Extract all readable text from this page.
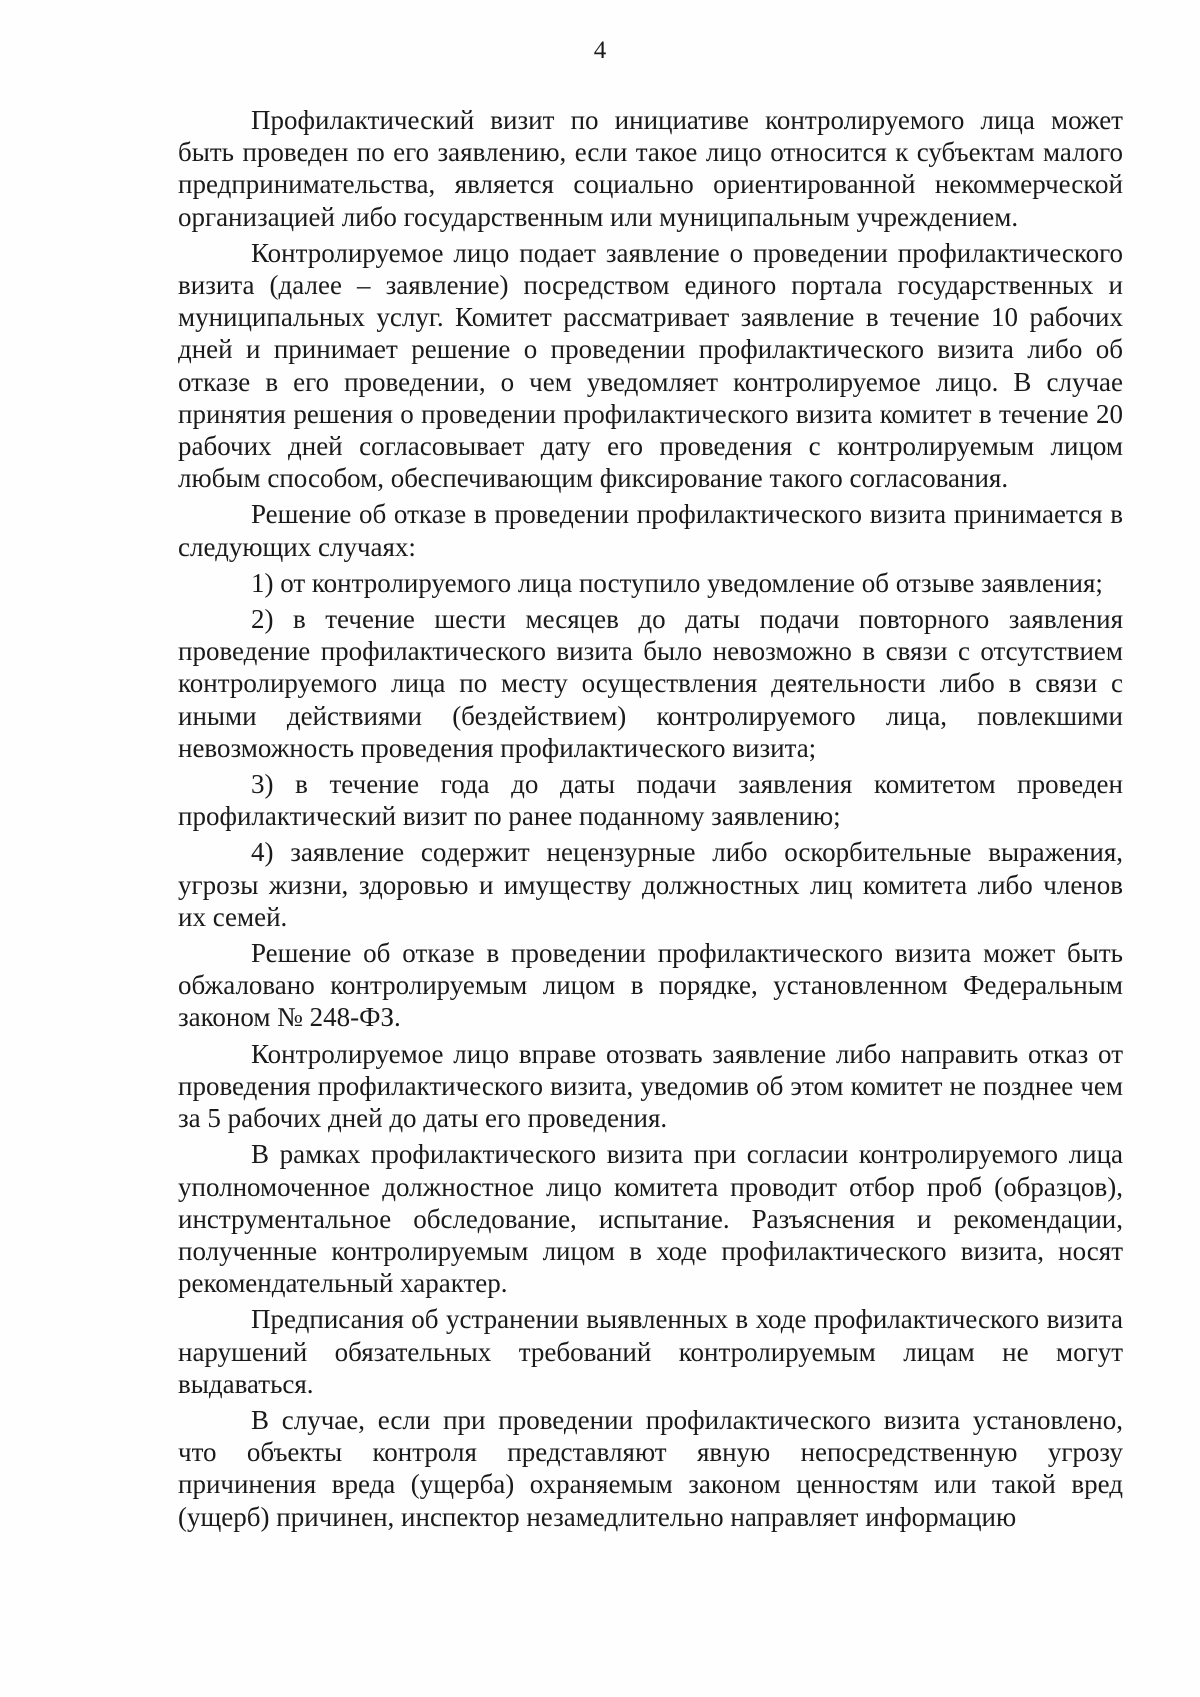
4

Профилактический визит по инициативе контролируемого лица может быть проведен по его заявлению, если такое лицо относится к субъектам малого предпринимательства, является социально ориентированной некоммерческой организацией либо государственным или муниципальным учреждением.

Контролируемое лицо подает заявление о проведении профилактического визита (далее – заявление) посредством единого портала государственных и муниципальных услуг. Комитет рассматривает заявление в течение 10 рабочих дней и принимает решение о проведении профилактического визита либо об отказе в его проведении, о чем уведомляет контролируемое лицо. В случае принятия решения о проведении профилактического визита комитет в течение 20 рабочих дней согласовывает дату его проведения с контролируемым лицом любым способом, обеспечивающим фиксирование такого согласования.

Решение об отказе в проведении профилактического визита принимается в следующих случаях:

1) от контролируемого лица поступило уведомление об отзыве заявления;

2) в течение шести месяцев до даты подачи повторного заявления проведение профилактического визита было невозможно в связи с отсутствием контролируемого лица по месту осуществления деятельности либо в связи с иными действиями (бездействием) контролируемого лица, повлекшими невозможность проведения профилактического визита;

3) в течение года до даты подачи заявления комитетом проведен профилактический визит по ранее поданному заявлению;

4) заявление содержит нецензурные либо оскорбительные выражения, угрозы жизни, здоровью и имуществу должностных лиц комитета либо членов их семей.

Решение об отказе в проведении профилактического визита может быть обжаловано контролируемым лицом в порядке, установленном Федеральным законом № 248-ФЗ.

Контролируемое лицо вправе отозвать заявление либо направить отказ от проведения профилактического визита, уведомив об этом комитет не позднее чем за 5 рабочих дней до даты его проведения.

В рамках профилактического визита при согласии контролируемого лица уполномоченное должностное лицо комитета проводит отбор проб (образцов), инструментальное обследование, испытание. Разъяснения и рекомендации, полученные контролируемым лицом в ходе профилактического визита, носят рекомендательный характер.

Предписания об устранении выявленных в ходе профилактического визита нарушений обязательных требований контролируемым лицам не могут выдаваться.

В случае, если при проведении профилактического визита установлено, что объекты контроля представляют явную непосредственную угрозу причинения вреда (ущерба) охраняемым законом ценностям или такой вред (ущерб) причинен, инспектор незамедлительно направляет информацию
